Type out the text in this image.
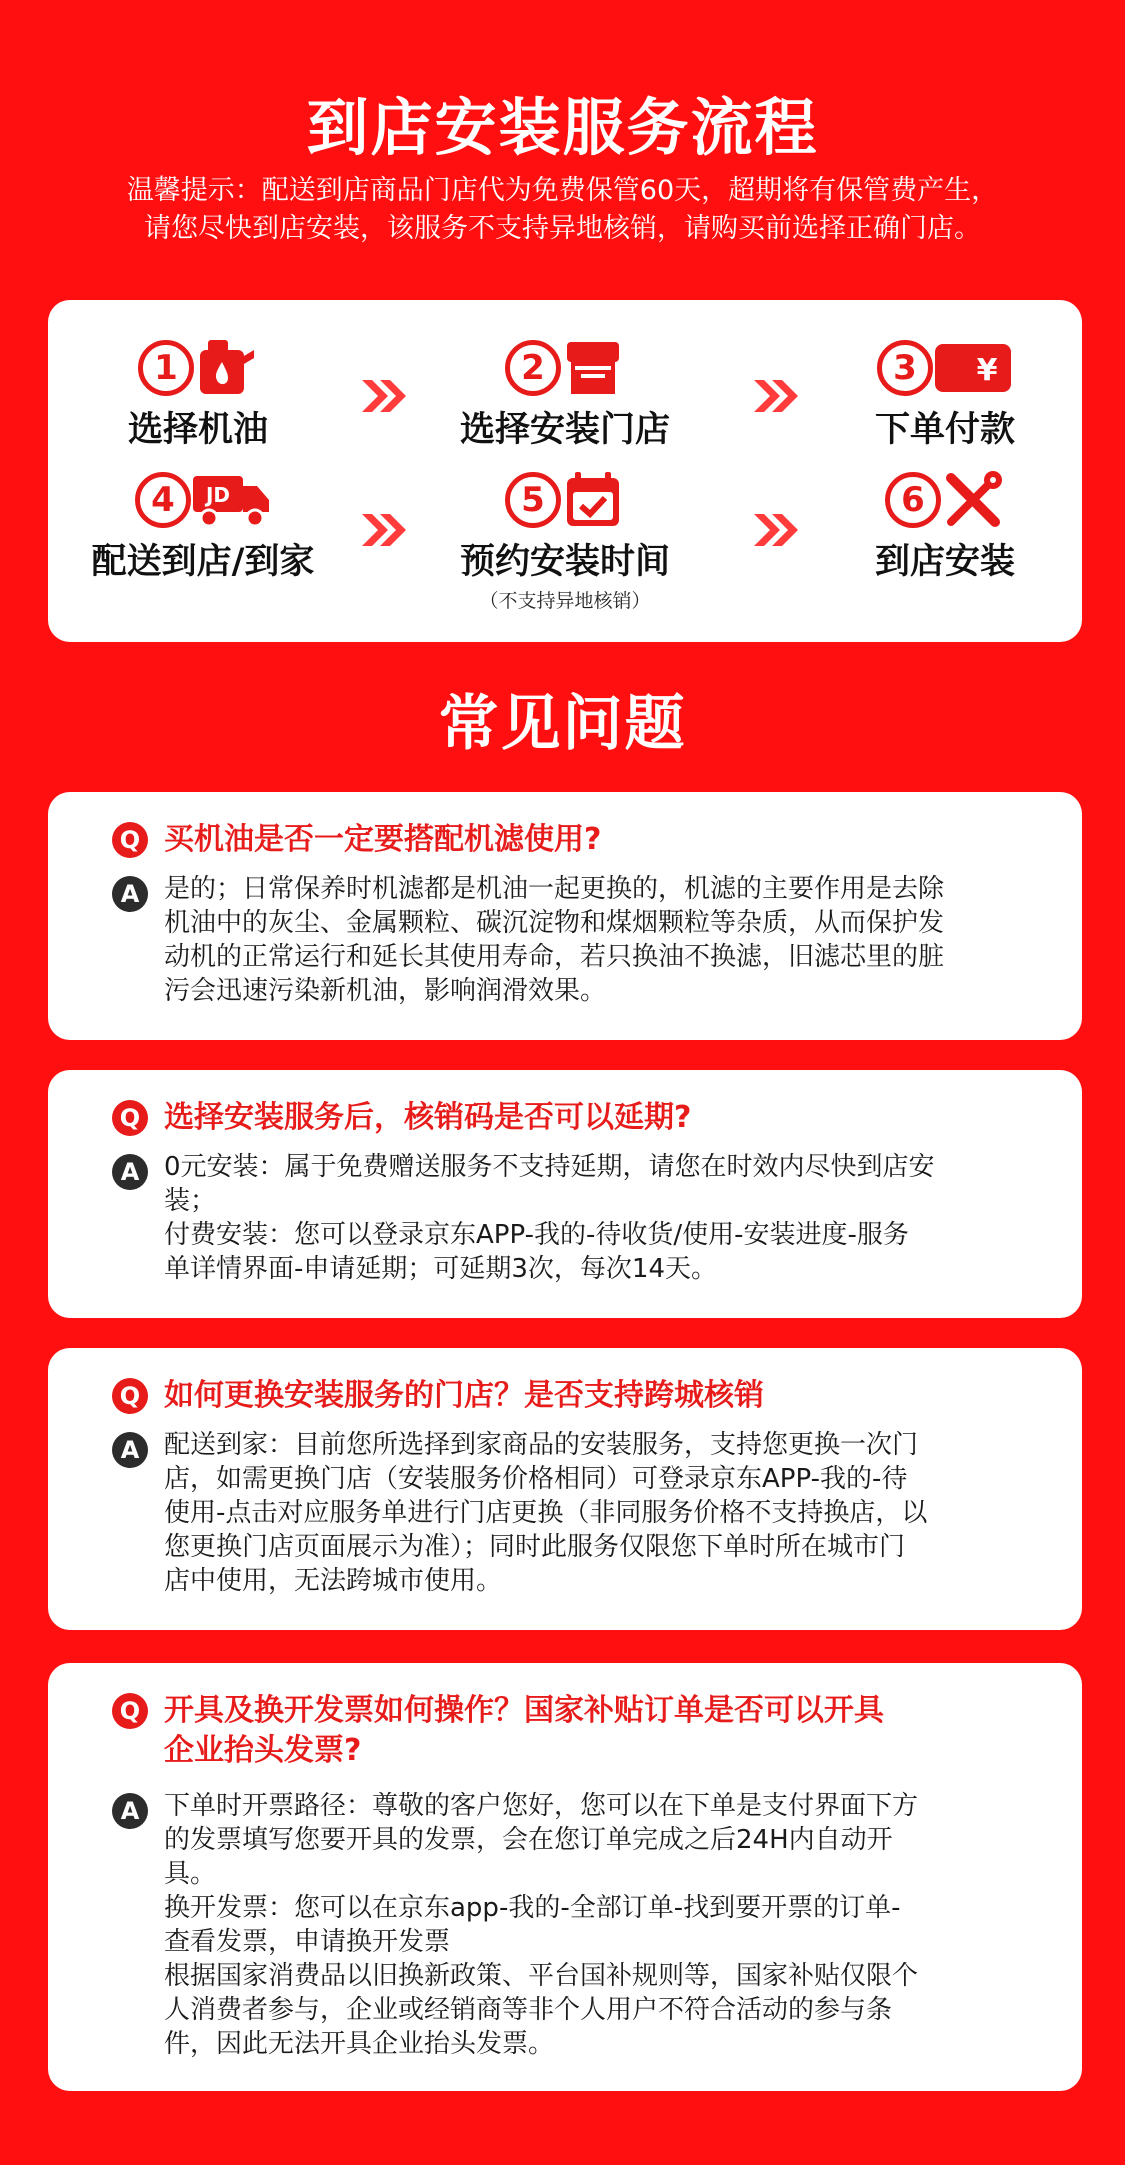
到店安装服务流程
温馨提示：配送到店商品门店代为免费保管60天，超期将有保管费产生，
请您尽快到店安装，该服务不支持异地核销，请购买前选择正确门店。
1
选择机油
2
选择安装门店
3	¥
下单付款
4	JD
配送到店/到家
5
预约安装时间
（不支持异地核销）
6
到店安装
常见问题
Q 买机油是否一定要搭配机滤使用?
A 是的；日常保养时机滤都是机油一起更换的，机滤的主要作用是去除
机油中的灰尘、金属颗粒、碳沉淀物和煤烟颗粒等杂质，从而保护发
动机的正常运行和延长其使用寿命，若只换油不换滤，旧滤芯里的脏
污会迅速污染新机油，影响润滑效果。
Q 选择安装服务后，核销码是否可以延期?
A 0元安装：属于免费赠送服务不支持延期，请您在时效内尽快到店安
装；
付费安装：您可以登录京东APP-我的-待收货/使用-安装进度-服务
单详情界面-申请延期；可延期3次，每次14天。
Q 如何更换安装服务的门店？是否支持跨城核销
A 配送到家：目前您所选择到家商品的安装服务，支持您更换一次门
店，如需更换门店（安装服务价格相同）可登录京东APP-我的-待
使用-点击对应服务单进行门店更换（非同服务价格不支持换店，以
您更换门店页面展示为准）；同时此服务仅限您下单时所在城市门
店中使用，无法跨城市使用。
Q 开具及换开发票如何操作？国家补贴订单是否可以开具
企业抬头发票?
A 下单时开票路径：尊敬的客户您好，您可以在下单是支付界面下方
的发票填写您要开具的发票，会在您订单完成之后24H内自动开
具。
换开发票：您可以在京东app-我的-全部订单-找到要开票的订单-
查看发票，申请换开发票
根据国家消费品以旧换新政策、平台国补规则等，国家补贴仅限个
人消费者参与，企业或经销商等非个人用户不符合活动的参与条
件，因此无法开具企业抬头发票。
